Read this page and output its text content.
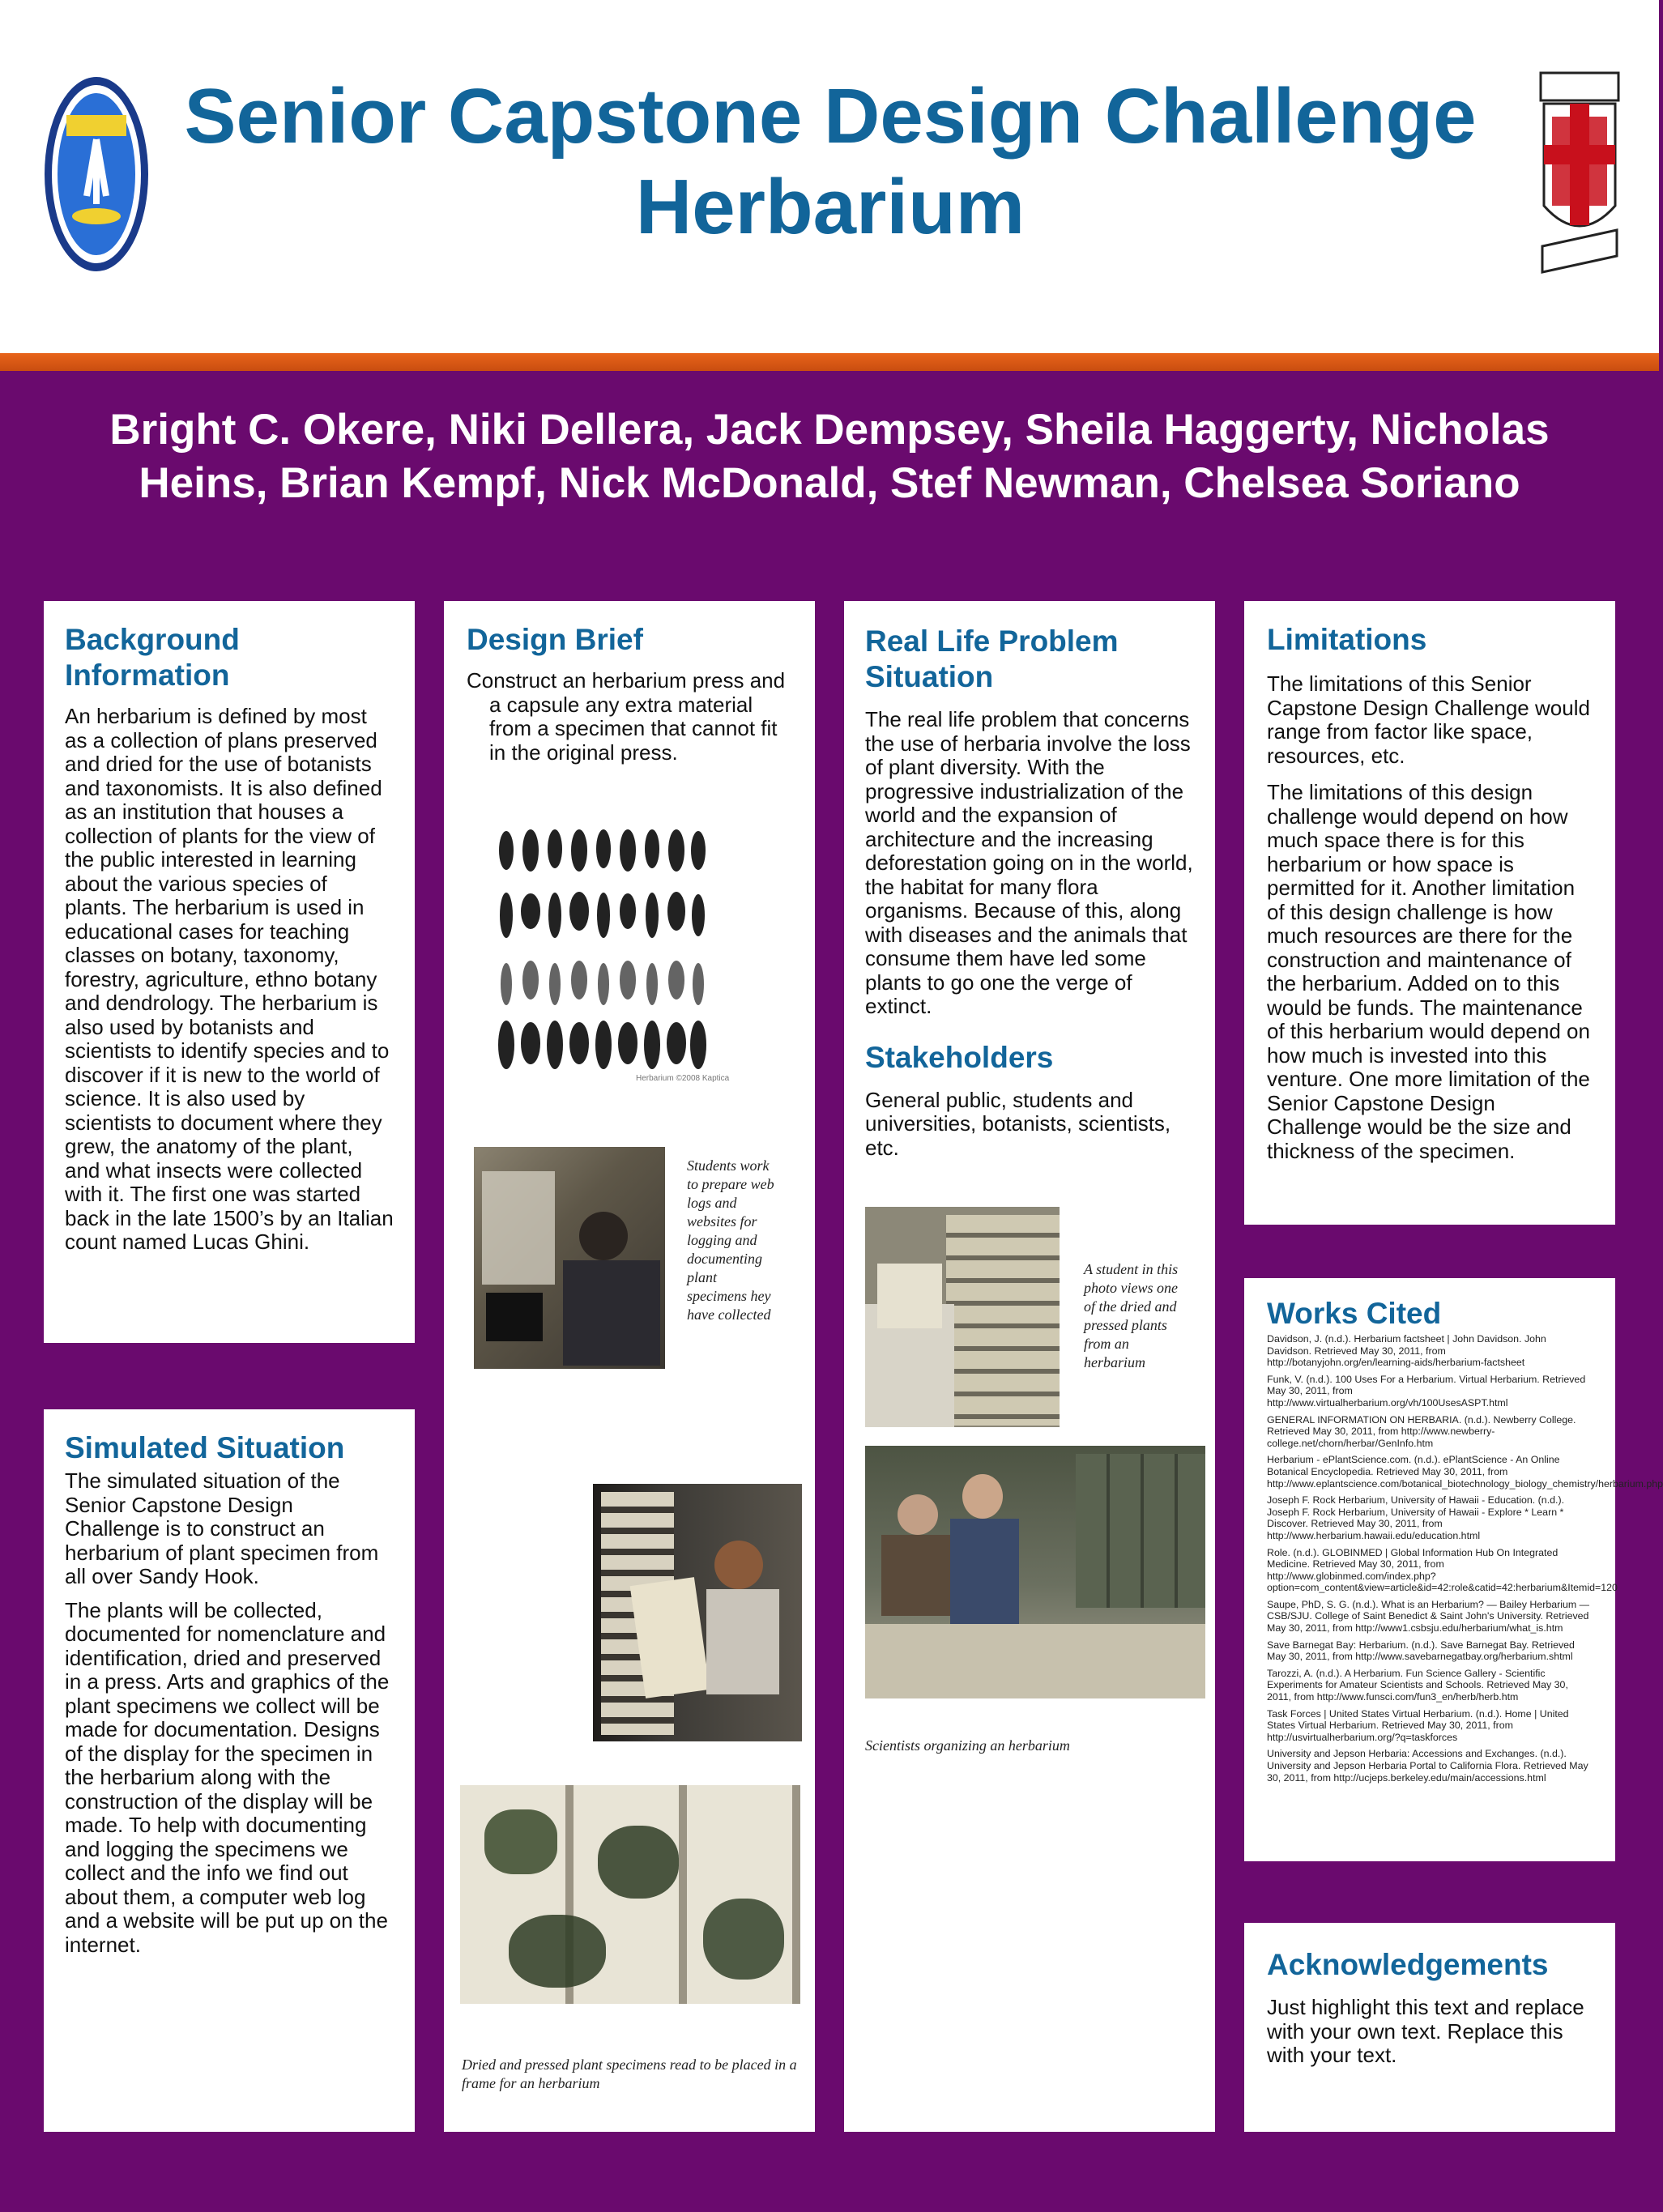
Senior Capstone Design Challenge
Herbarium
Bright C. Okere, Niki Dellera, Jack Dempsey, Sheila Haggerty, Nicholas
Heins, Brian Kempf, Nick McDonald, Stef Newman, Chelsea Soriano
Background Information
An herbarium is defined by most as a collection of plans preserved and dried for the use of botanists and taxonomists. It is also defined as an institution that houses a collection of plants for the view of the public interested in learning about the various species of plants. The herbarium is used in educational cases for teaching classes on botany, taxonomy, forestry, agriculture, ethno botany and dendrology. The herbarium is also used by botanists and scientists to identify species and to discover if it is new to the world of science. It is also used by scientists to document where they grew, the anatomy of the plant, and what insects were collected with it. The first one was started back in the late 1500’s by an Italian count named Lucas Ghini.
Simulated Situation
The simulated situation of the Senior Capstone Design Challenge is to construct an herbarium of plant specimen from all over Sandy Hook.
The plants will be collected, documented for nomenclature and identification, dried and preserved in a press. Arts and graphics of the plant specimens we collect will be made for documentation. Designs of the display for the specimen in the herbarium along with the construction of the display will be made. To help with documenting and logging the specimens we collect and the info we find out about them, a computer web log and a website will be put up on the internet.
Design Brief
Construct an herbarium press and a capsule any extra material from a specimen that cannot fit in the original press.
Herbarium ©2008 Kaptica
Students work to prepare web logs and websites for logging and documenting plant specimens hey have collected
Dried and pressed plant specimens read to be placed in a frame for an herbarium
Real Life Problem Situation
The real life problem that concerns the use of herbaria involve the loss of plant diversity. With the progressive industrialization of the world and the expansion of architecture and the increasing deforestation going on in the world, the habitat for many flora organisms. Because of this, along with diseases and the animals that consume them have led some plants to go one the verge of extinct.
Stakeholders
General public, students and universities, botanists, scientists, etc.
A student in this photo views one of the dried and pressed plants from an herbarium
Scientists organizing an herbarium
Limitations
The limitations of this Senior Capstone Design Challenge would range from factor like space, resources, etc.
The limitations of this design challenge would depend on how much space there is for this herbarium or how space is permitted for it. Another limitation of this design challenge is how much resources are there for the construction and maintenance of the herbarium. Added on to this would be funds. The maintenance of this herbarium would depend on how much is invested into this venture. One more limitation of the Senior Capstone Design Challenge would be the size and thickness of the specimen.
Works Cited
Davidson, J. (n.d.). Herbarium factsheet | John Davidson. John Davidson. Retrieved May 30, 2011, from http://botanyjohn.org/en/learning-aids/herbarium-factsheet
Funk, V. (n.d.). 100 Uses For a Herbarium. Virtual Herbarium. Retrieved May 30, 2011, from http://www.virtualherbarium.org/vh/100UsesASPT.html
GENERAL INFORMATION ON HERBARIA. (n.d.). Newberry College. Retrieved May 30, 2011, from http://www.newberry-college.net/chorn/herbar/GenInfo.htm
Herbarium - ePlantScience.com. (n.d.). ePlantScience - An Online Botanical Encyclopedia. Retrieved May 30, 2011, from http://www.eplantscience.com/botanical_biotechnology_biology_chemistry/herbarium.php
Joseph F. Rock Herbarium, University of Hawaii - Education. (n.d.). Joseph F. Rock Herbarium, University of Hawaii - Explore * Learn * Discover. Retrieved May 30, 2011, from http://www.herbarium.hawaii.edu/education.html
Role. (n.d.). GLOBINMED | Global Information Hub On Integrated Medicine. Retrieved May 30, 2011, from http://www.globinmed.com/index.php?option=com_content&view=article&id=42:role&catid=42:herbarium&Itemid=120
Saupe, PhD, S. G. (n.d.). What is an Herbarium? — Bailey Herbarium — CSB/SJU. College of Saint Benedict & Saint John's University. Retrieved May 30, 2011, from http://www1.csbsju.edu/herbarium/what_is.htm
Save Barnegat Bay: Herbarium. (n.d.). Save Barnegat Bay. Retrieved May 30, 2011, from http://www.savebarnegatbay.org/herbarium.shtml
Tarozzi, A. (n.d.). A Herbarium. Fun Science Gallery - Scientific Experiments for Amateur Scientists and Schools. Retrieved May 30, 2011, from http://www.funsci.com/fun3_en/herb/herb.htm
Task Forces | United States Virtual Herbarium. (n.d.). Home | United States Virtual Herbarium. Retrieved May 30, 2011, from http://usvirtualherbarium.org/?q=taskforces
University and Jepson Herbaria: Accessions and Exchanges. (n.d.). University and Jepson Herbaria Portal to California Flora. Retrieved May 30, 2011, from http://ucjeps.berkeley.edu/main/accessions.html
Acknowledgements
Just highlight this text and replace with your own text. Replace this with your text.
